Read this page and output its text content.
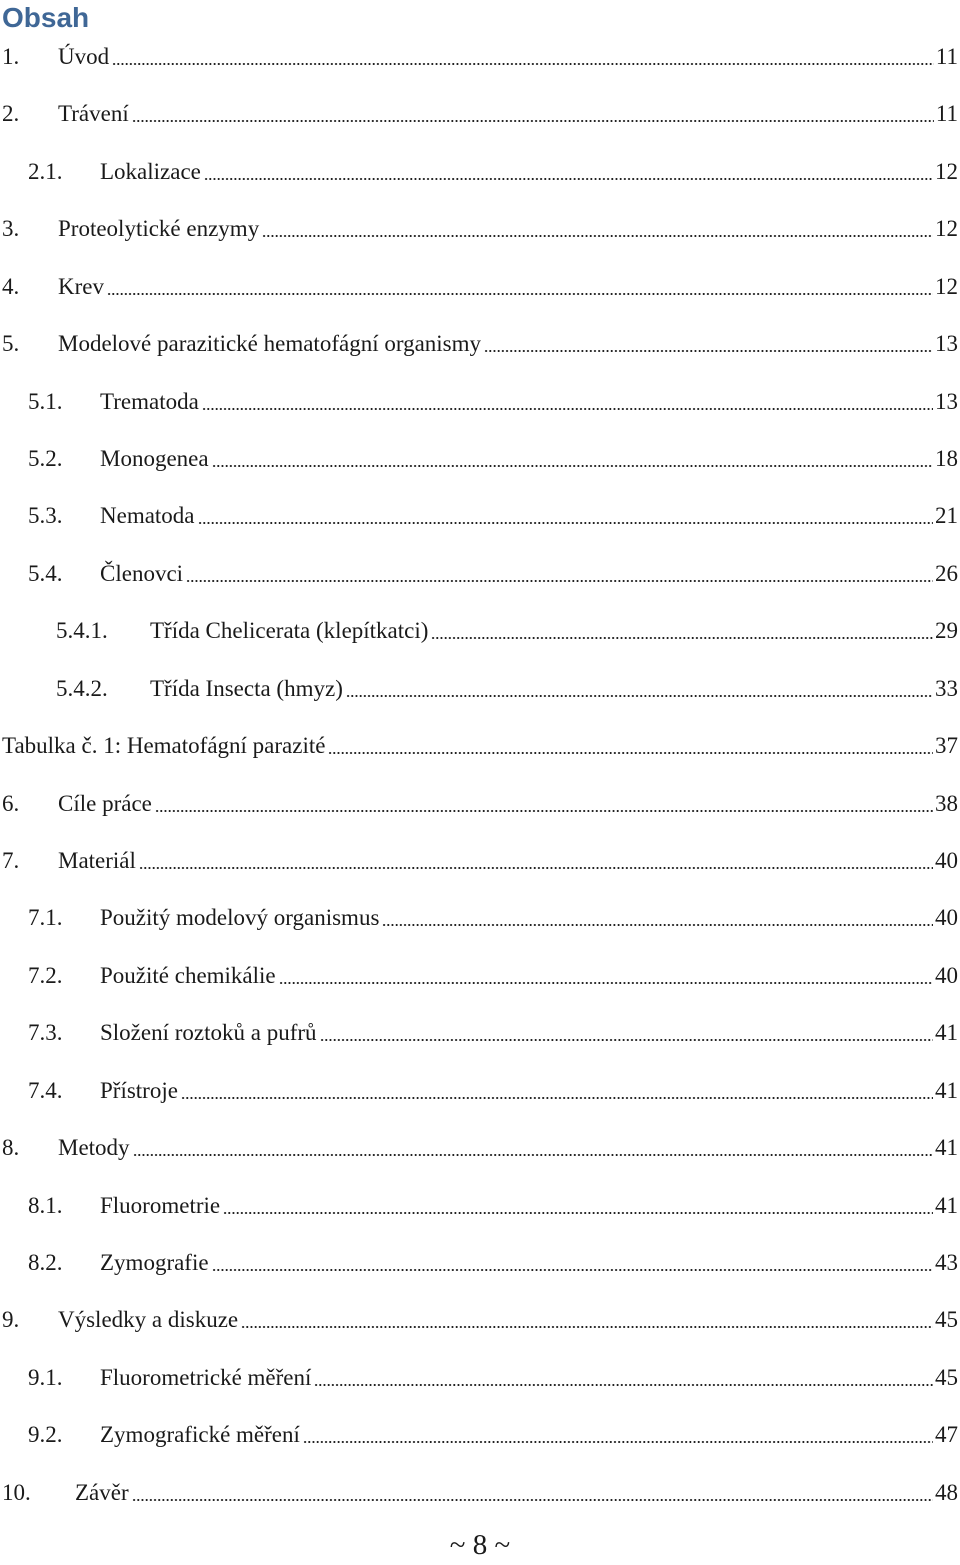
Obsah
1.	Úvod	11
2.	Trávení	11
2.1.	Lokalizace	12
3.	Proteolytické enzymy	12
4.	Krev	12
5.	Modelové parazitické hematofágní organismy	13
5.1.	Trematoda	13
5.2.	Monogenea	18
5.3.	Nematoda	21
5.4.	Členovci	26
5.4.1.	Třída Chelicerata (klepítkatci)	29
5.4.2.	Třída Insecta (hmyz)	33
Tabulka č. 1: Hematofágní parazité	37
6.	Cíle práce	38
7.	Materiál	40
7.1.	Použitý modelový organismus	40
7.2.	Použité chemikálie	40
7.3.	Složení roztoků a pufrů	41
7.4.	Přístroje	41
8.	Metody	41
8.1.	Fluorometrie	41
8.2.	Zymografie	43
9.	Výsledky a diskuze	45
9.1.	Fluorometrické měření	45
9.2.	Zymografické měření	47
10.	Závěr	48
~ 8 ~
